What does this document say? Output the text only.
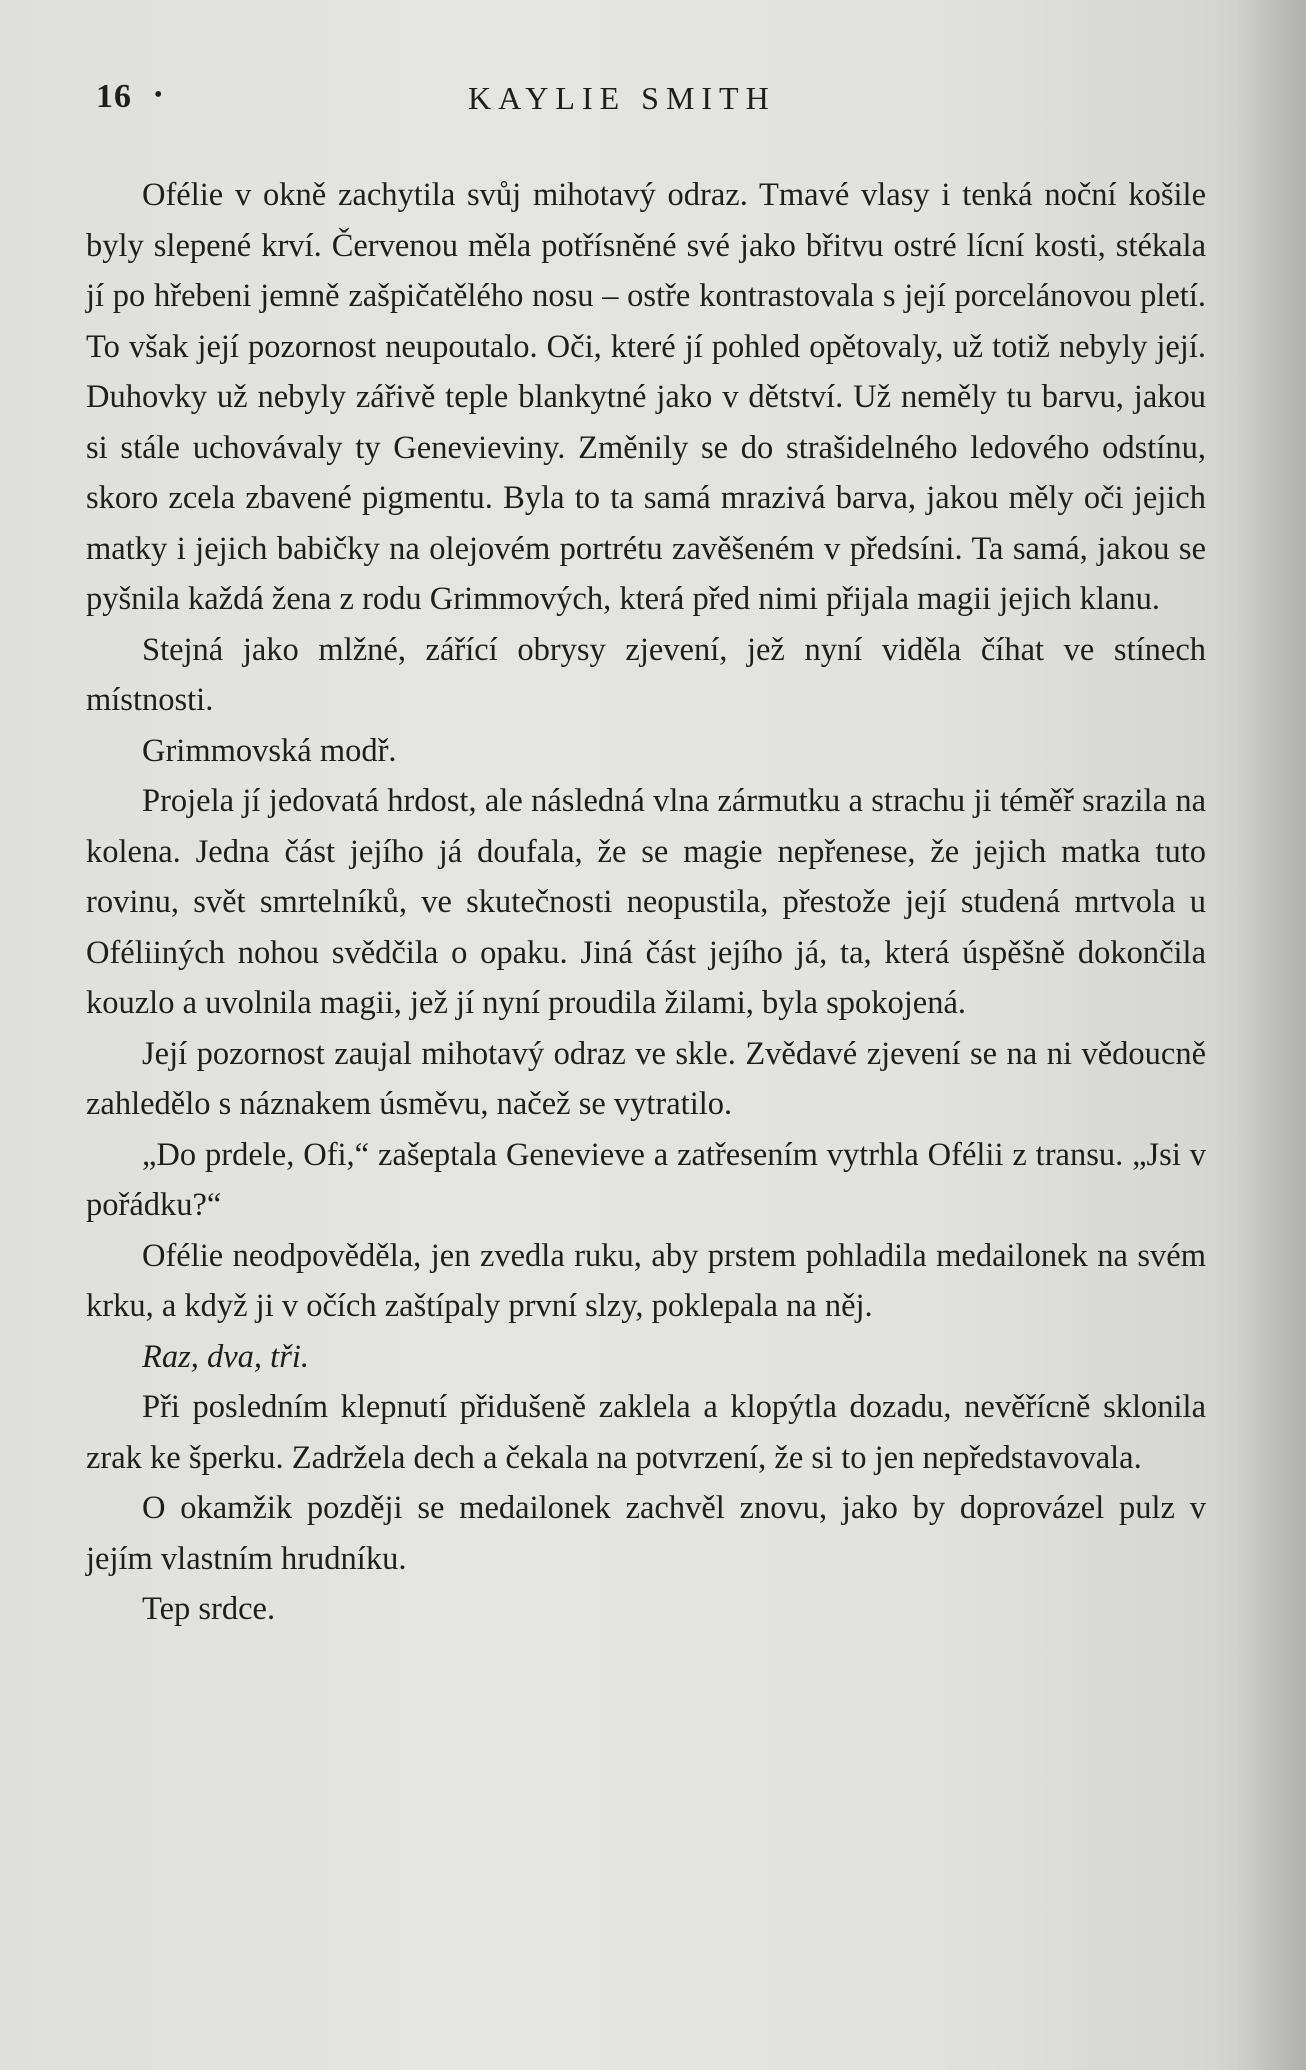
16 •	KAYLIE SMITH

Ofélie v okně zachytila svůj mihotavý odraz. Tmavé vlasy i tenká noční košile byly slepené krví. Červenou měla potřísněné své jako břitvu ostré lícní kosti, stékala jí po hřebeni jemně zašpičatělého nosu – ostře kontrastovala s její porcelánovou pletí. To však její pozornost neupoutalo. Oči, které jí pohled opětovaly, už totiž nebyly její. Duhovky už nebyly zářivě teple blankytné jako v dětství. Už neměly tu barvu, jakou si stále uchovávaly ty Genevieviny. Změnily se do strašidelného ledového odstínu, skoro zcela zbavené pigmentu. Byla to ta samá mrazivá barva, jakou měly oči jejich matky i jejich babičky na olejovém portrétu zavěšeném v předsíni. Ta samá, jakou se pyšnila každá žena z rodu Grimmových, která před nimi přijala magii jejich klanu.

Stejná jako mlžné, zářící obrysy zjevení, jež nyní viděla číhat ve stínech místnosti.

Grimmovská modř.

Projela jí jedovatá hrdost, ale následná vlna zármutku a strachu ji téměř srazila na kolena. Jedna část jejího já doufala, že se magie nepřenese, že jejich matka tuto rovinu, svět smrtelníků, ve skutečnosti neopustila, přestože její studená mrtvola u Oféliiných nohou svědčila o opaku. Jiná část jejího já, ta, která úspěšně dokončila kouzlo a uvolnila magii, jež jí nyní proudila žilami, byla spokojená.

Její pozornost zaujal mihotavý odraz ve skle. Zvědavé zjevení se na ni vědoucně zahledělo s náznakem úsměvu, načež se vytratilo.

„Do prdele, Ofi,“ zašeptala Genevieve a zatřesením vytrhla Ofélii z transu. „Jsi v pořádku?“

Ofélie neodpověděla, jen zvedla ruku, aby prstem pohladila medailonek na svém krku, a když ji v očích zaštípaly první slzy, poklepala na něj.

Raz, dva, tři.

Při posledním klepnutí přidušeně zaklela a klopýtla dozadu, nevěřícně sklonila zrak ke šperku. Zadržela dech a čekala na potvrzení, že si to jen nepředstavovala.

O okamžik později se medailonek zachvěl znovu, jako by doprovázel pulz v jejím vlastním hrudníku.

Tep srdce.
